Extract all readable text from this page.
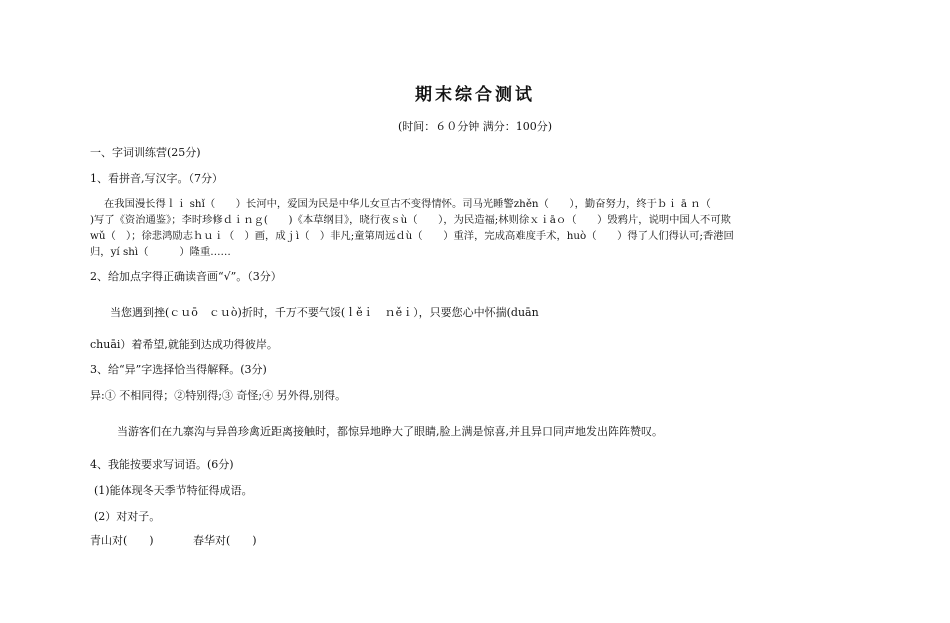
期末综合测试
(时间：６０分钟 满分：100分)
一、字词训练营(25分)
1、看拼音,写汉字。（7分）
在我国漫长得ｌｉ shǐ（　　）长河中，爱国为民是中华儿女亘古不变得情怀。司马光睡警zhěn（　　），勤奋努力，终于ｂｉ ā ｎ（
)写了《资治通鉴》；李时珍修ｄｉｎｇ(　　)《本草纲目》，晓行夜ｓù（　　），为民造福;林则徐ｘｉāｏ（　　）毁鸦片，说明中国人不可欺
wǔ（　）；徐悲鸿励志ｈｕｉ（　）画，成ｊì（　）非凡;童第周远ｄù（　　）重洋，完成高难度手术，huò（　　）得了人们得认可;香港回
归，yí shì（　　　）隆重……
2、给加点字得正确读音画“√”。（3分）
当您遇到挫(ｃｕō　ｃｕò)折时，千万不要气馁(ｌěｉ　ｎěｉ），只要您心中怀揣(duān
chuāi）着希望,就能到达成功得彼岸。
3、给“异”字选择恰当得解释。(3分)
异:① 不相同得；②特别得;③ 奇怪;④ 另外得,别得。
当游客们在九寨沟与异兽珍禽近距离接触时，都惊异地睁大了眼睛,脸上满是惊喜,并且异口同声地发出阵阵赞叹。
4、我能按要求写词语。(6分)
(1)能体现冬天季节特征得成语。
(2）对对子。
青山对(　　)	春华对(　　)
